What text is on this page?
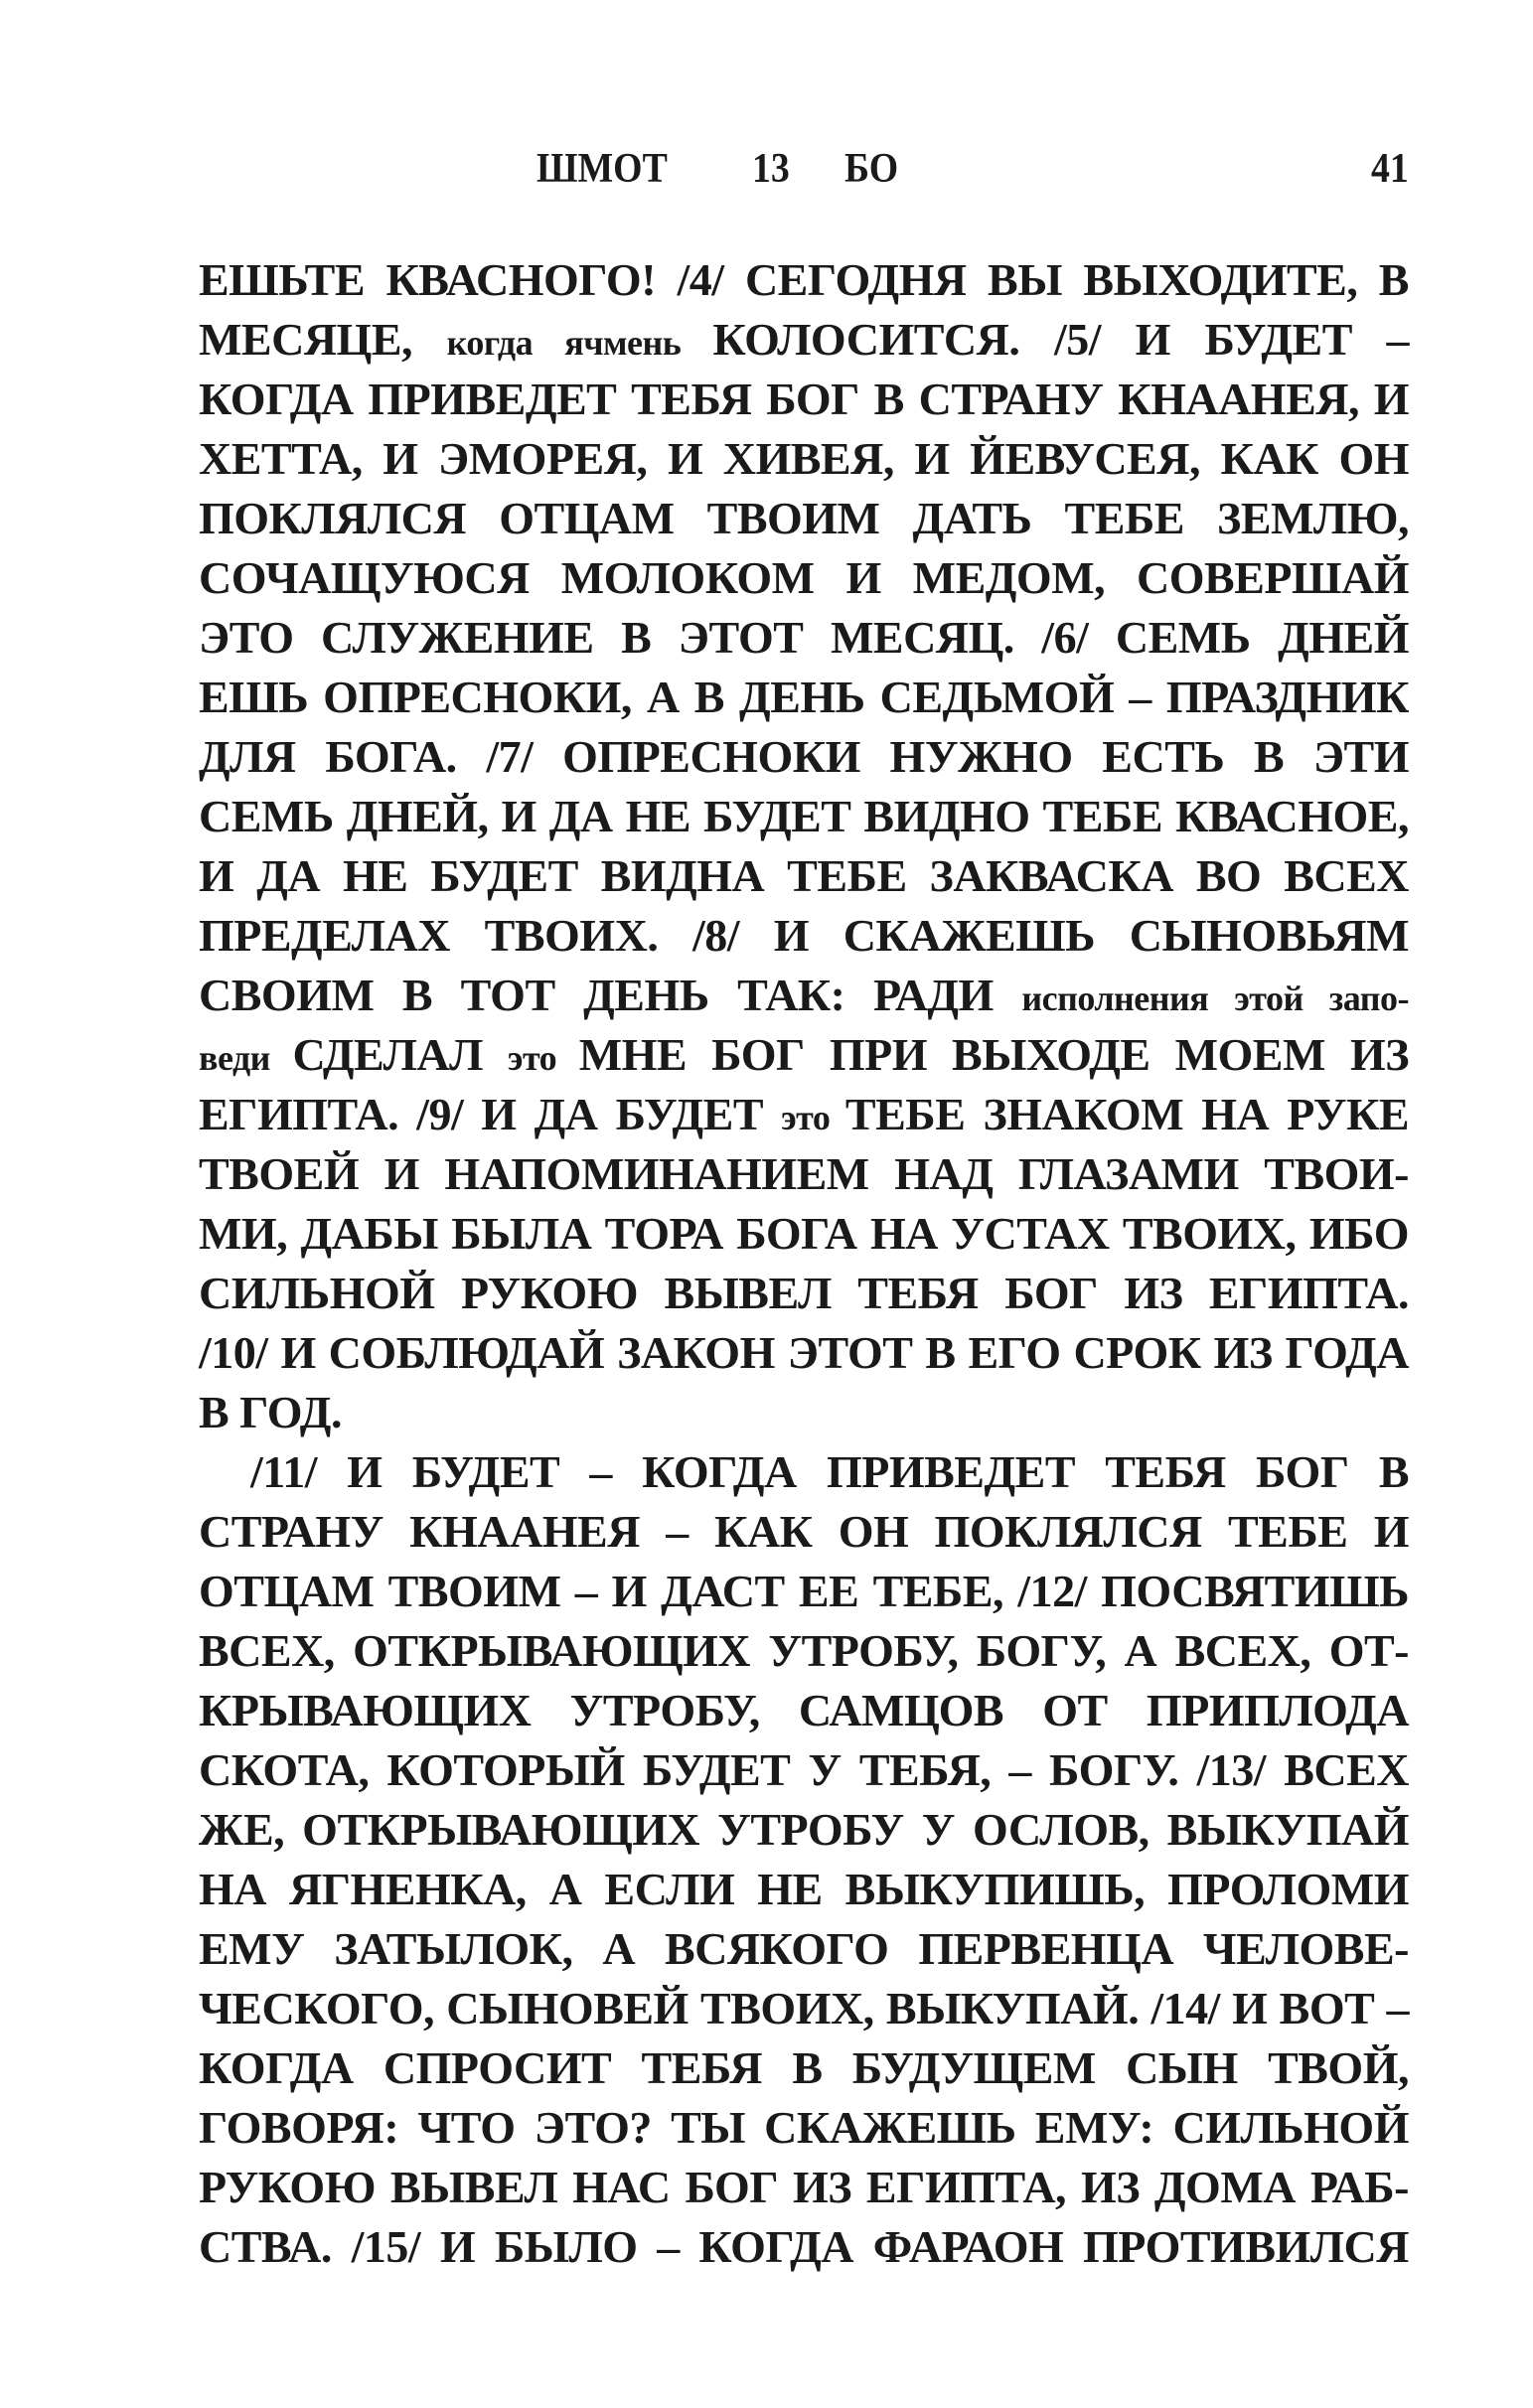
ШМОТ 13 БО	41
ЕШЬТЕ КВАСНОГО! /4/ СЕГОДНЯ ВЫ ВЫХОДИТЕ, В
МЕСЯЦЕ, когда ячмень КОЛОСИТСЯ. /5/ И БУДЕТ –
КОГДА ПРИВЕДЕТ ТЕБЯ БОГ В СТРАНУ КНААНЕЯ, И
ХЕТТА, И ЭМОРЕЯ, И ХИВЕЯ, И ЙЕВУСЕЯ, КАК ОН
ПОКЛЯЛСЯ ОТЦАМ ТВОИМ ДАТЬ ТЕБЕ ЗЕМЛЮ,
СОЧАЩУЮСЯ МОЛОКОМ И МЕДОМ, СОВЕРШАЙ
ЭТО СЛУЖЕНИЕ В ЭТОТ МЕСЯЦ. /6/ СЕМЬ ДНЕЙ
ЕШЬ ОПРЕСНОКИ, А В ДЕНЬ СЕДЬМОЙ – ПРАЗДНИК
ДЛЯ БОГА. /7/ ОПРЕСНОКИ НУЖНО ЕСТЬ В ЭТИ
СЕМЬ ДНЕЙ, И ДА НЕ БУДЕТ ВИДНО ТЕБЕ КВАСНОЕ,
И ДА НЕ БУДЕТ ВИДНА ТЕБЕ ЗАКВАСКА ВО ВСЕХ
ПРЕДЕЛАХ ТВОИХ. /8/ И СКАЖЕШЬ СЫНОВЬЯМ
СВОИМ В ТОТ ДЕНЬ ТАК: РАДИ исполнения этой запо-
веди СДЕЛАЛ это МНЕ БОГ ПРИ ВЫХОДЕ МОЕМ ИЗ
ЕГИПТА. /9/ И ДА БУДЕТ это ТЕБЕ ЗНАКОМ НА РУКЕ
ТВОЕЙ И НАПОМИНАНИЕМ НАД ГЛАЗАМИ ТВОИ-
МИ, ДАБЫ БЫЛА ТОРА БОГА НА УСТАХ ТВОИХ, ИБО
СИЛЬНОЙ РУКОЮ ВЫВЕЛ ТЕБЯ БОГ ИЗ ЕГИПТА.
/10/ И СОБЛЮДАЙ ЗАКОН ЭТОТ В ЕГО СРОК ИЗ ГОДА
В ГОД.
/11/ И БУДЕТ – КОГДА ПРИВЕДЕТ ТЕБЯ БОГ В
СТРАНУ КНААНЕЯ – КАК ОН ПОКЛЯЛСЯ ТЕБЕ И
ОТЦАМ ТВОИМ – И ДАСТ ЕЕ ТЕБЕ, /12/ ПОСВЯТИШЬ
ВСЕХ, ОТКРЫВАЮЩИХ УТРОБУ, БОГУ, А ВСЕХ, ОТ-
КРЫВАЮЩИХ УТРОБУ, САМЦОВ ОТ ПРИПЛОДА
СКОТА, КОТОРЫЙ БУДЕТ У ТЕБЯ, – БОГУ. /13/ ВСЕХ
ЖЕ, ОТКРЫВАЮЩИХ УТРОБУ У ОСЛОВ, ВЫКУПАЙ
НА ЯГНЕНКА, А ЕСЛИ НЕ ВЫКУПИШЬ, ПРОЛОМИ
ЕМУ ЗАТЫЛОК, А ВСЯКОГО ПЕРВЕНЦА ЧЕЛОВЕ-
ЧЕСКОГО, СЫНОВЕЙ ТВОИХ, ВЫКУПАЙ. /14/ И ВОТ –
КОГДА СПРОСИТ ТЕБЯ В БУДУЩЕМ СЫН ТВОЙ,
ГОВОРЯ: ЧТО ЭТО? ТЫ СКАЖЕШЬ ЕМУ: СИЛЬНОЙ
РУКОЮ ВЫВЕЛ НАС БОГ ИЗ ЕГИПТА, ИЗ ДОМА РАБ-
СТВА. /15/ И БЫЛО – КОГДА ФАРАОН ПРОТИВИЛСЯ
